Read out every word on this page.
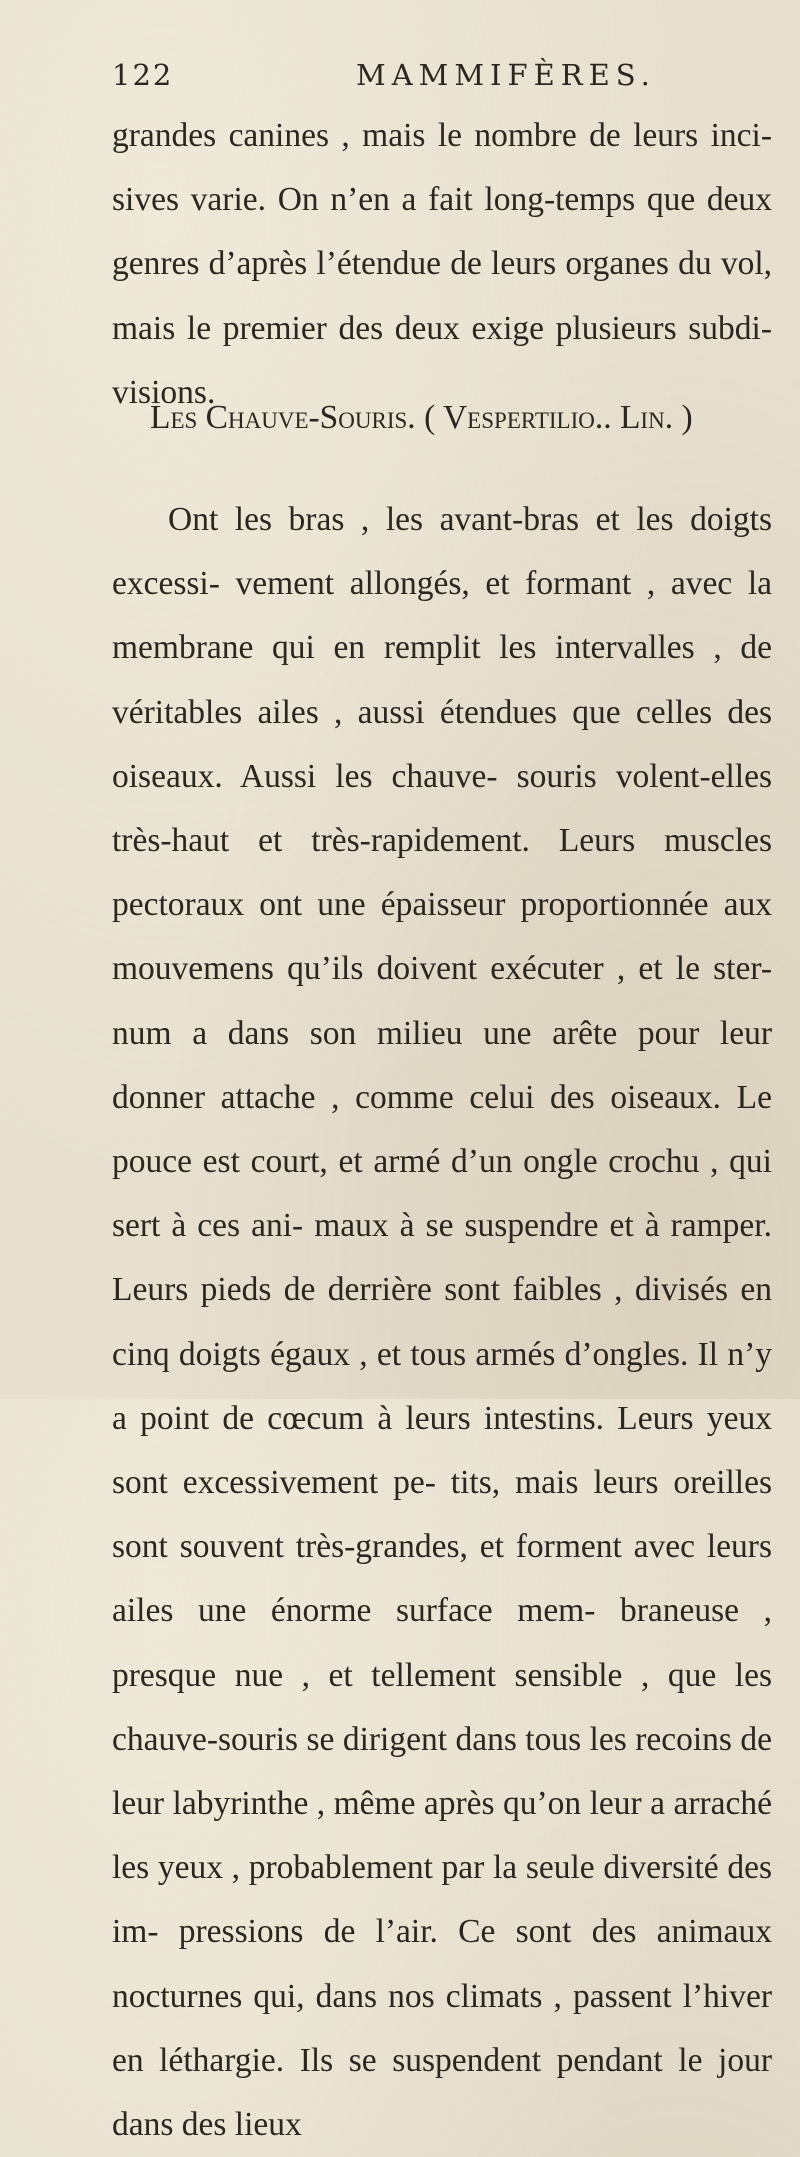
122	MAMMIFÈRES.

grandes canines , mais le nombre de leurs inci- sives varie. On n’en a fait long-temps que deux genres d’après l’étendue de leurs organes du vol, mais le premier des deux exige plusieurs subdi- visions.

Les Chauve-Souris. ( Vespertilio.. Lin. )

Ont les bras , les avant-bras et les doigts excessi- vement allongés, et formant , avec la membrane qui en remplit les intervalles , de véritables ailes , aussi étendues que celles des oiseaux. Aussi les chauve- souris volent-elles très-haut et très-rapidement. Leurs muscles pectoraux ont une épaisseur proportionnée aux mouvemens qu’ils doivent exécuter , et le ster- num a dans son milieu une arête pour leur donner attache , comme celui des oiseaux. Le pouce est court, et armé d’un ongle crochu , qui sert à ces ani- maux à se suspendre et à ramper. Leurs pieds de derrière sont faibles , divisés en cinq doigts égaux , et tous armés d’ongles. Il n’y a point de cœcum à leurs intestins. Leurs yeux sont excessivement pe- tits, mais leurs oreilles sont souvent très-grandes, et forment avec leurs ailes une énorme surface mem- braneuse , presque nue , et tellement sensible , que les chauve-souris se dirigent dans tous les recoins de leur labyrinthe , même après qu’on leur a arraché les yeux , probablement par la seule diversité des im- pressions de l’air. Ce sont des animaux nocturnes qui, dans nos climats , passent l’hiver en léthargie. Ils se suspendent pendant le jour dans des lieux
